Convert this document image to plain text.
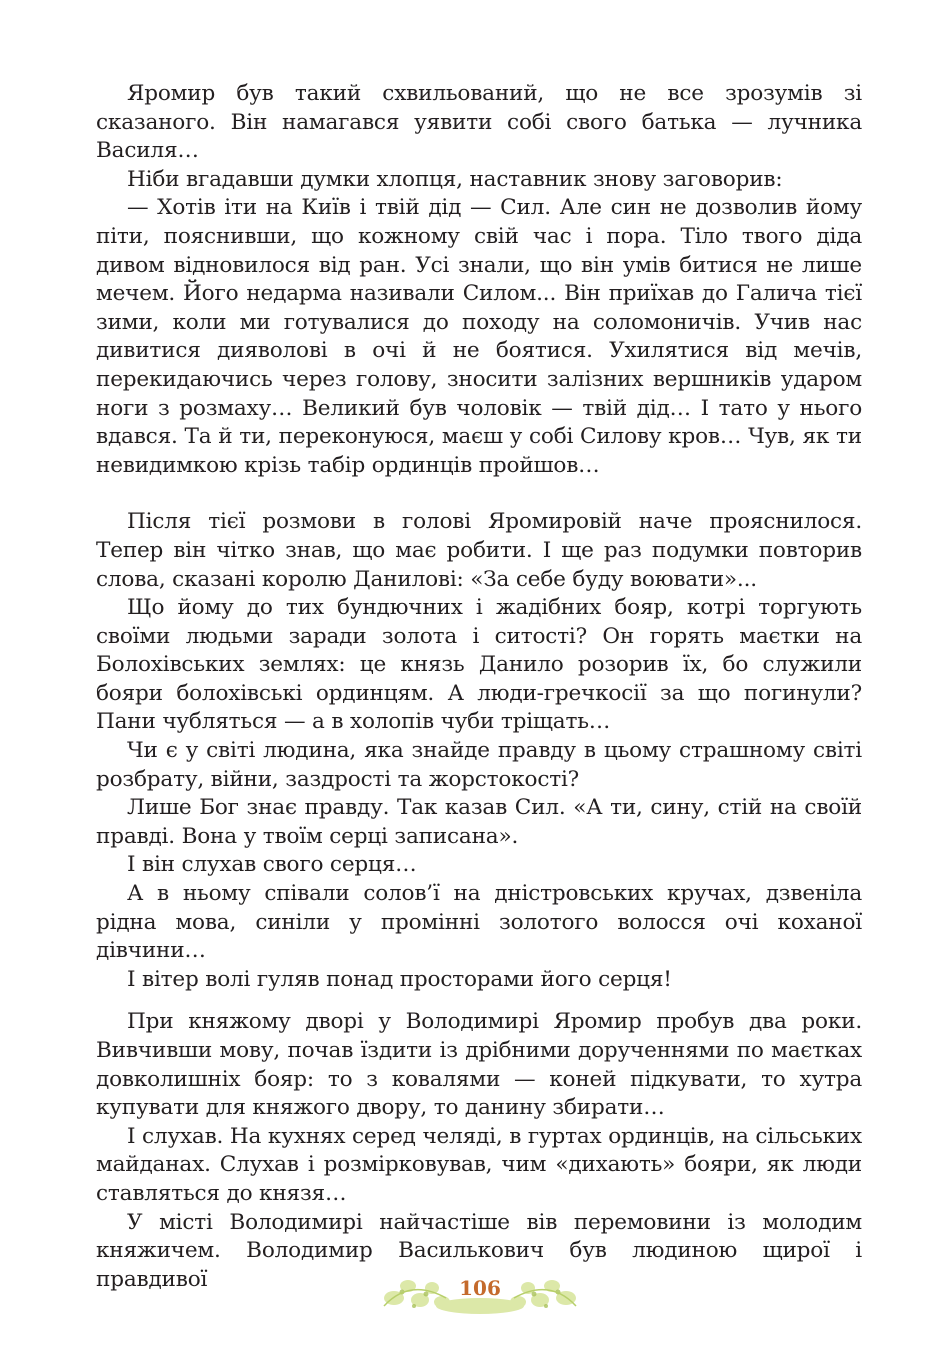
Яромир був такий схвильований, що не все зрозумів зі сказаного. Він намагався уявити собі свого батька — лучника Василя…

Ніби вгадавши думки хлопця, наставник знову заговорив:

— Хотів іти на Київ і твій дід — Сил. Але син не дозволив йому піти, пояснивши, що кожному свій час і пора. Тіло твого діда дивом відновилося від ран. Усі знали, що він умів битися не лише мечем. Його недарма називали Силом... Він приїхав до Галича тієї зими, коли ми готувалися до походу на соломоничів. Учив нас дивитися дияволові в очі й не боятися. Ухилятися від мечів, перекидаючись через голову, зносити залізних вершників ударом ноги з розмаху… Великий був чоловік — твій дід… І тато у нього вдався. Та й ти, переконуюся, маєш у собі Силову кров… Чув, як ти невидимкою крізь табір ординців пройшов…

Після тієї розмови в голові Яромировій наче прояснилося. Тепер він чітко знав, що має робити. І ще раз подумки повторив слова, сказані королю Данилові: «За себе буду воювати»...

Що йому до тих бундючних і жадібних бояр, котрі торгують своїми людьми заради золота і ситості? Он горять маєтки на Болохівських землях: це князь Данило розорив їх, бо служили бояри болохівські ординцям. А люди-гречкосії за що погинули? Пани чубляться — а в холопів чуби тріщать…

Чи є у світі людина, яка знайде правду в цьому страшному світі розбрату, війни, заздрості та жорстокості?

Лише Бог знає правду. Так казав Сил. «А ти, сину, стій на своїй правді. Вона у твоїм серці записана».

І він слухав свого серця…

А в ньому співали солов’ї на дністровських кручах, дзвеніла рідна мова, синіли у промінні золотого волосся очі коханої дівчини…

І вітер волі гуляв понад просторами його серця!

При княжому дворі у Володимирі Яромир пробув два роки. Вивчивши мову, почав їздити із дрібними дорученнями по маєтках довколишніх бояр: то з ковалями — коней підкувати, то хутра купувати для княжого двору, то данину збирати…

І слухав. На кухнях серед челяді, в гуртах ординців, на сільських майданах. Слухав і розмірковував, чим «дихають» бояри, як люди ставляться до князя…

У місті Володимирі найчастіше вів перемовини із молодим княжичем. Володимир Василькович був людиною щирої і правдивої	106
